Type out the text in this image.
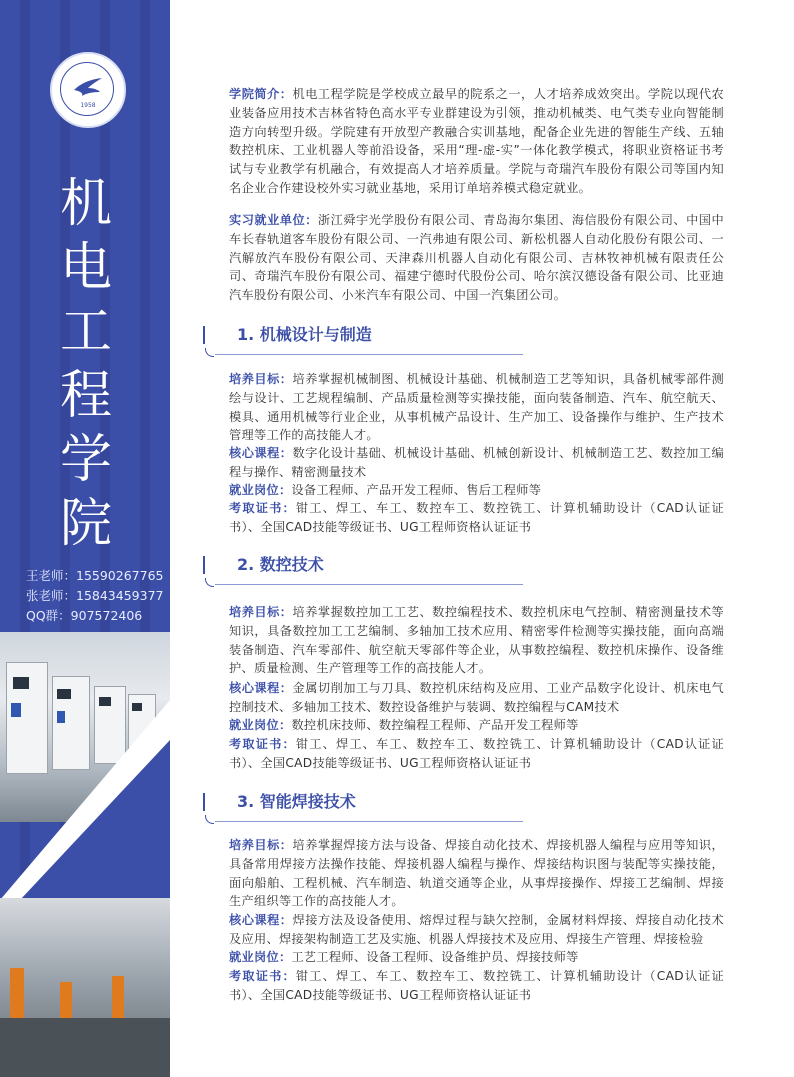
1958
机
电
工
程
学
院
王老师：15590267765
张老师：15843459377
QQ群：907572406
学院简介：机电工程学院是学校成立最早的院系之一，人才培养成效突出。学院以现代农业装备应用技术吉林省特色高水平专业群建设为引领，推动机械类、电气类专业向智能制造方向转型升级。学院建有开放型产教融合实训基地，配备企业先进的智能生产线、五轴数控机床、工业机器人等前沿设备，采用“理-虚-实”一体化教学模式，将职业资格证书考试与专业教学有机融合，有效提高人才培养质量。学院与奇瑞汽车股份有限公司等国内知名企业合作建设校外实习就业基地，采用订单培养模式稳定就业。
实习就业单位：浙江舜宇光学股份有限公司、青岛海尔集团、海信股份有限公司、中国中车长春轨道客车股份有限公司、一汽弗迪有限公司、新松机器人自动化股份有限公司、一汽解放汽车股份有限公司、天津森川机器人自动化有限公司、吉林牧神机械有限责任公司、奇瑞汽车股份有限公司、福建宁德时代股份公司、哈尔滨汉德设备有限公司、比亚迪汽车股份有限公司、小米汽车有限公司、中国一汽集团公司。
1. 机械设计与制造
培养目标：培养掌握机械制图、机械设计基础、机械制造工艺等知识，具备机械零部件测绘与设计、工艺规程编制、产品质量检测等实操技能，面向装备制造、汽车、航空航天、模具、通用机械等行业企业，从事机械产品设计、生产加工、设备操作与维护、生产技术管理等工作的高技能人才。
核心课程：数字化设计基础、机械设计基础、机械创新设计、机械制造工艺、数控加工编程与操作、精密测量技术
就业岗位：设备工程师、产品开发工程师、售后工程师等
考取证书：钳工、焊工、车工、数控车工、数控铣工、计算机辅助设计（CAD认证证书）、全国CAD技能等级证书、UG工程师资格认证证书
2. 数控技术
培养目标：培养掌握数控加工工艺、数控编程技术、数控机床电气控制、精密测量技术等知识，具备数控加工工艺编制、多轴加工技术应用、精密零件检测等实操技能，面向高端装备制造、汽车零部件、航空航天零部件等企业，从事数控编程、数控机床操作、设备维护、质量检测、生产管理等工作的高技能人才。
核心课程：金属切削加工与刀具、数控机床结构及应用、工业产品数字化设计、机床电气控制技术、多轴加工技术、数控设备维护与装调、数控编程与CAM技术
就业岗位：数控机床技师、数控编程工程师、产品开发工程师等
考取证书：钳工、焊工、车工、数控车工、数控铣工、计算机辅助设计（CAD认证证书）、全国CAD技能等级证书、UG工程师资格认证证书
3. 智能焊接技术
培养目标：培养掌握焊接方法与设备、焊接自动化技术、焊接机器人编程与应用等知识，具备常用焊接方法操作技能、焊接机器人编程与操作、焊接结构识图与装配等实操技能，面向船舶、工程机械、汽车制造、轨道交通等企业，从事焊接操作、焊接工艺编制、焊接生产组织等工作的高技能人才。
核心课程：焊接方法及设备使用、熔焊过程与缺欠控制，金属材料焊接、焊接自动化技术及应用、焊接架构制造工艺及实施、机器人焊接技术及应用、焊接生产管理、焊接检验
就业岗位：工艺工程师、设备工程师、设备维护员、焊接技师等
考取证书：钳工、焊工、车工、数控车工、数控铣工、计算机辅助设计（CAD认证证书）、全国CAD技能等级证书、UG工程师资格认证证书
